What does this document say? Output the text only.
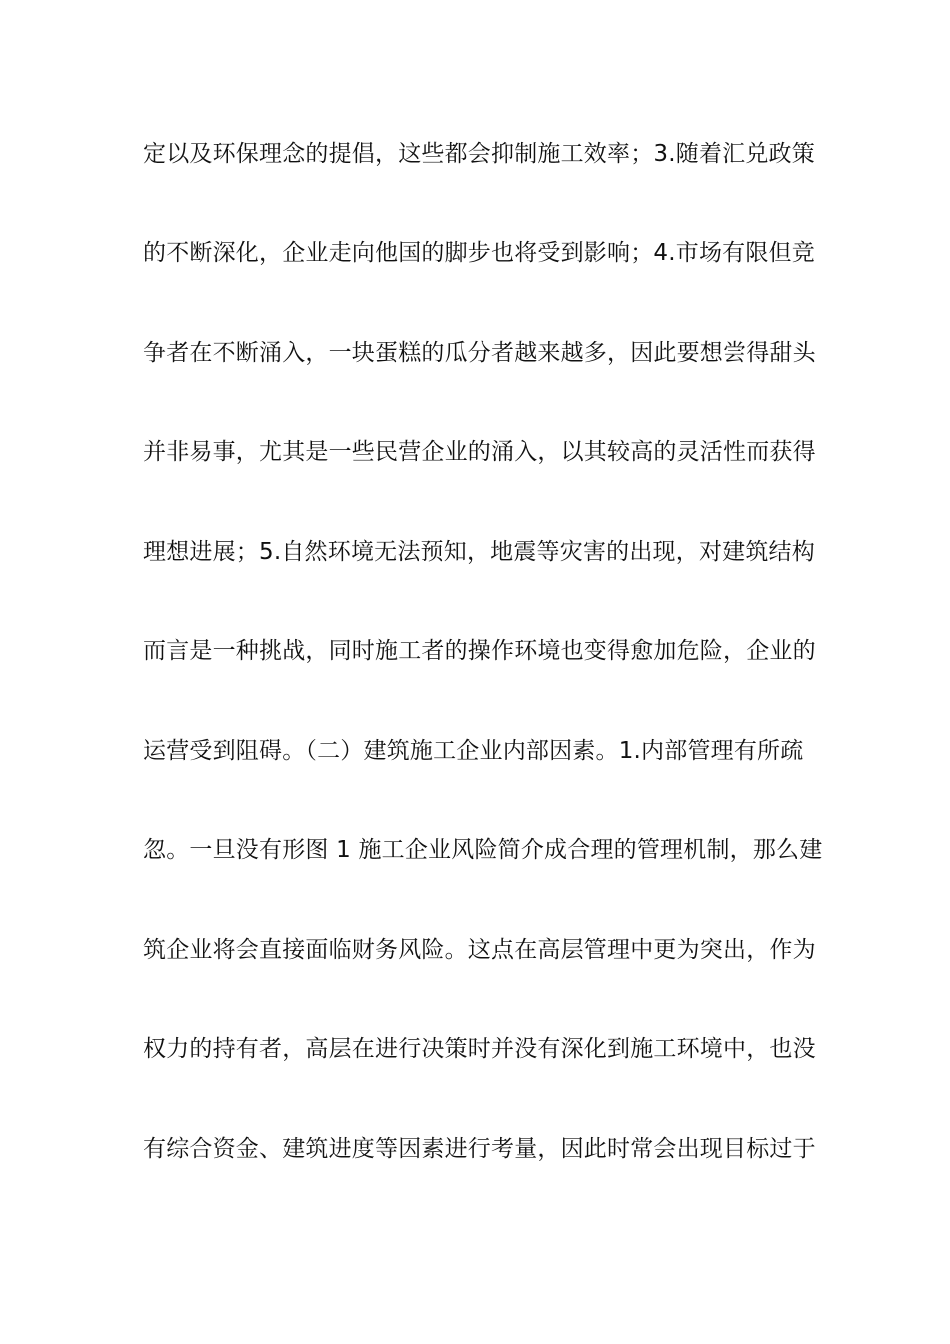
定以及环保理念的提倡，这些都会抑制施工效率；3.随着汇兑政策
的不断深化，企业走向他国的脚步也将受到影响；4.市场有限但竞
争者在不断涌入，一块蛋糕的瓜分者越来越多，因此要想尝得甜头
并非易事，尤其是一些民营企业的涌入，以其较高的灵活性而获得
理想进展；5.自然环境无法预知，地震等灾害的出现，对建筑结构
而言是一种挑战，同时施工者的操作环境也变得愈加危险，企业的
运营受到阻碍。（二）建筑施工企业内部因素。1.内部管理有所疏
忽。一旦没有形图 1 施工企业风险简介成合理的管理机制，那么建
筑企业将会直接面临财务风险。这点在高层管理中更为突出，作为
权力的持有者，高层在进行决策时并没有深化到施工环境中，也没
有综合资金、建筑进度等因素进行考量，因此时常会出现目标过于
